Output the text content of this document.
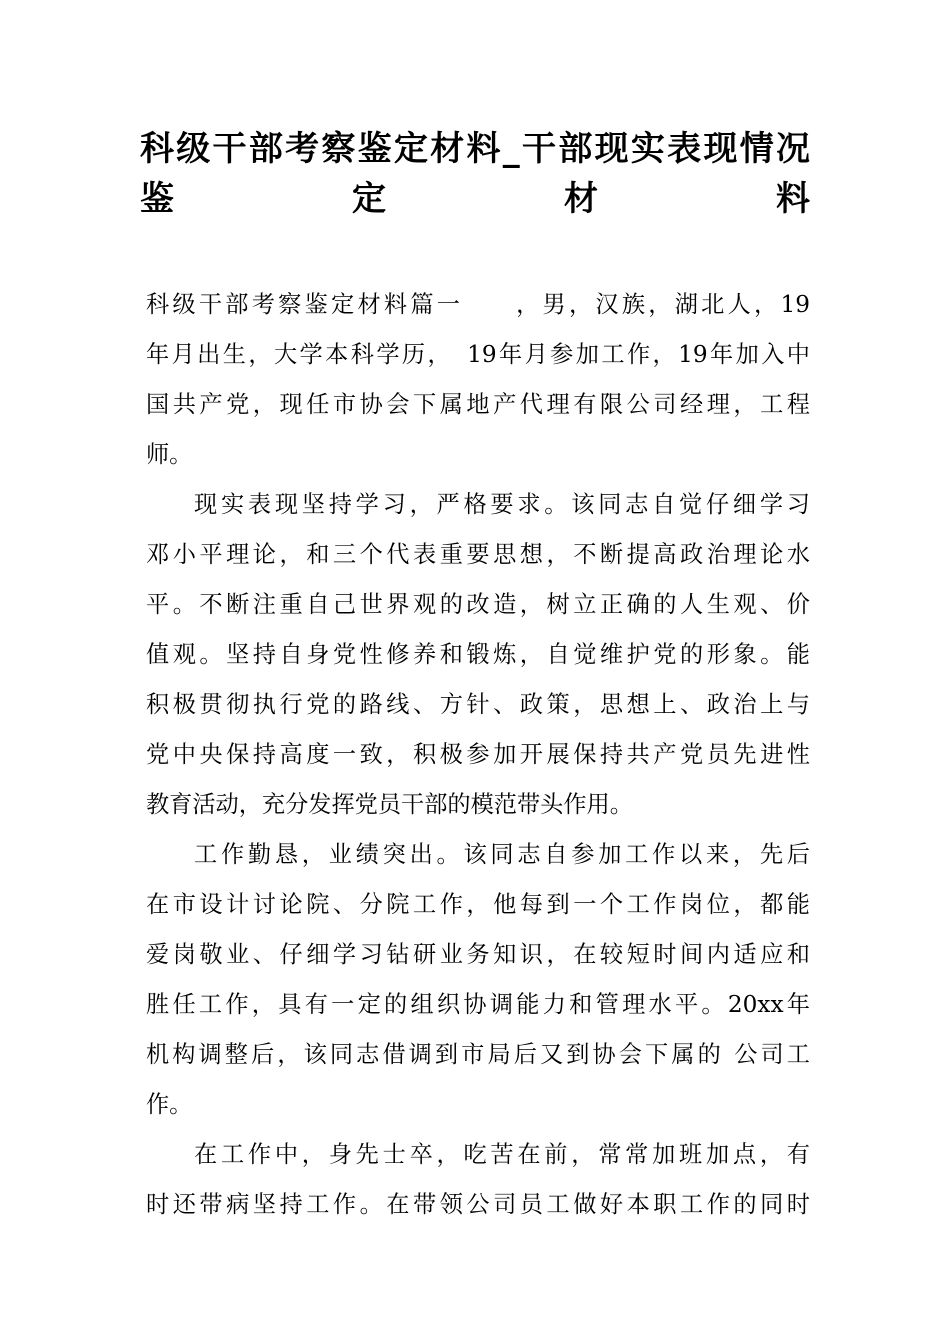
科级干部考察鉴定材料_干部现实表现情况
鉴定材料

科级干部考察鉴定材料篇一　　，男，汉族，湖北人，19
年月出生，大学本科学历，　19年月参加工作，19年加入中
国共产党，现任市协会下属地产代理有限公司经理，工程
师。

现实表现坚持学习，严格要求。该同志自觉仔细学习
邓小平理论，和三个代表重要思想，不断提高政治理论水
平。不断注重自己世界观的改造，树立正确的人生观、价
值观。坚持自身党性修养和锻炼，自觉维护党的形象。能
积极贯彻执行党的路线、方针、政策，思想上、政治上与
党中央保持高度一致，积极参加开展保持共产党员先进性
教育活动，充分发挥党员干部的模范带头作用。

工作勤恳，业绩突出。该同志自参加工作以来，先后
在市设计讨论院、分院工作，他每到一个工作岗位，都能
爱岗敬业、仔细学习钻研业务知识，在较短时间内适应和
胜任工作，具有一定的组织协调能力和管理水平。20xx年
机构调整后，该同志借调到市局后又到协会下属的 公司工
作。

在工作中，身先士卒，吃苦在前，常常加班加点，有
时还带病坚持工作。在带领公司员工做好本职工作的同时
